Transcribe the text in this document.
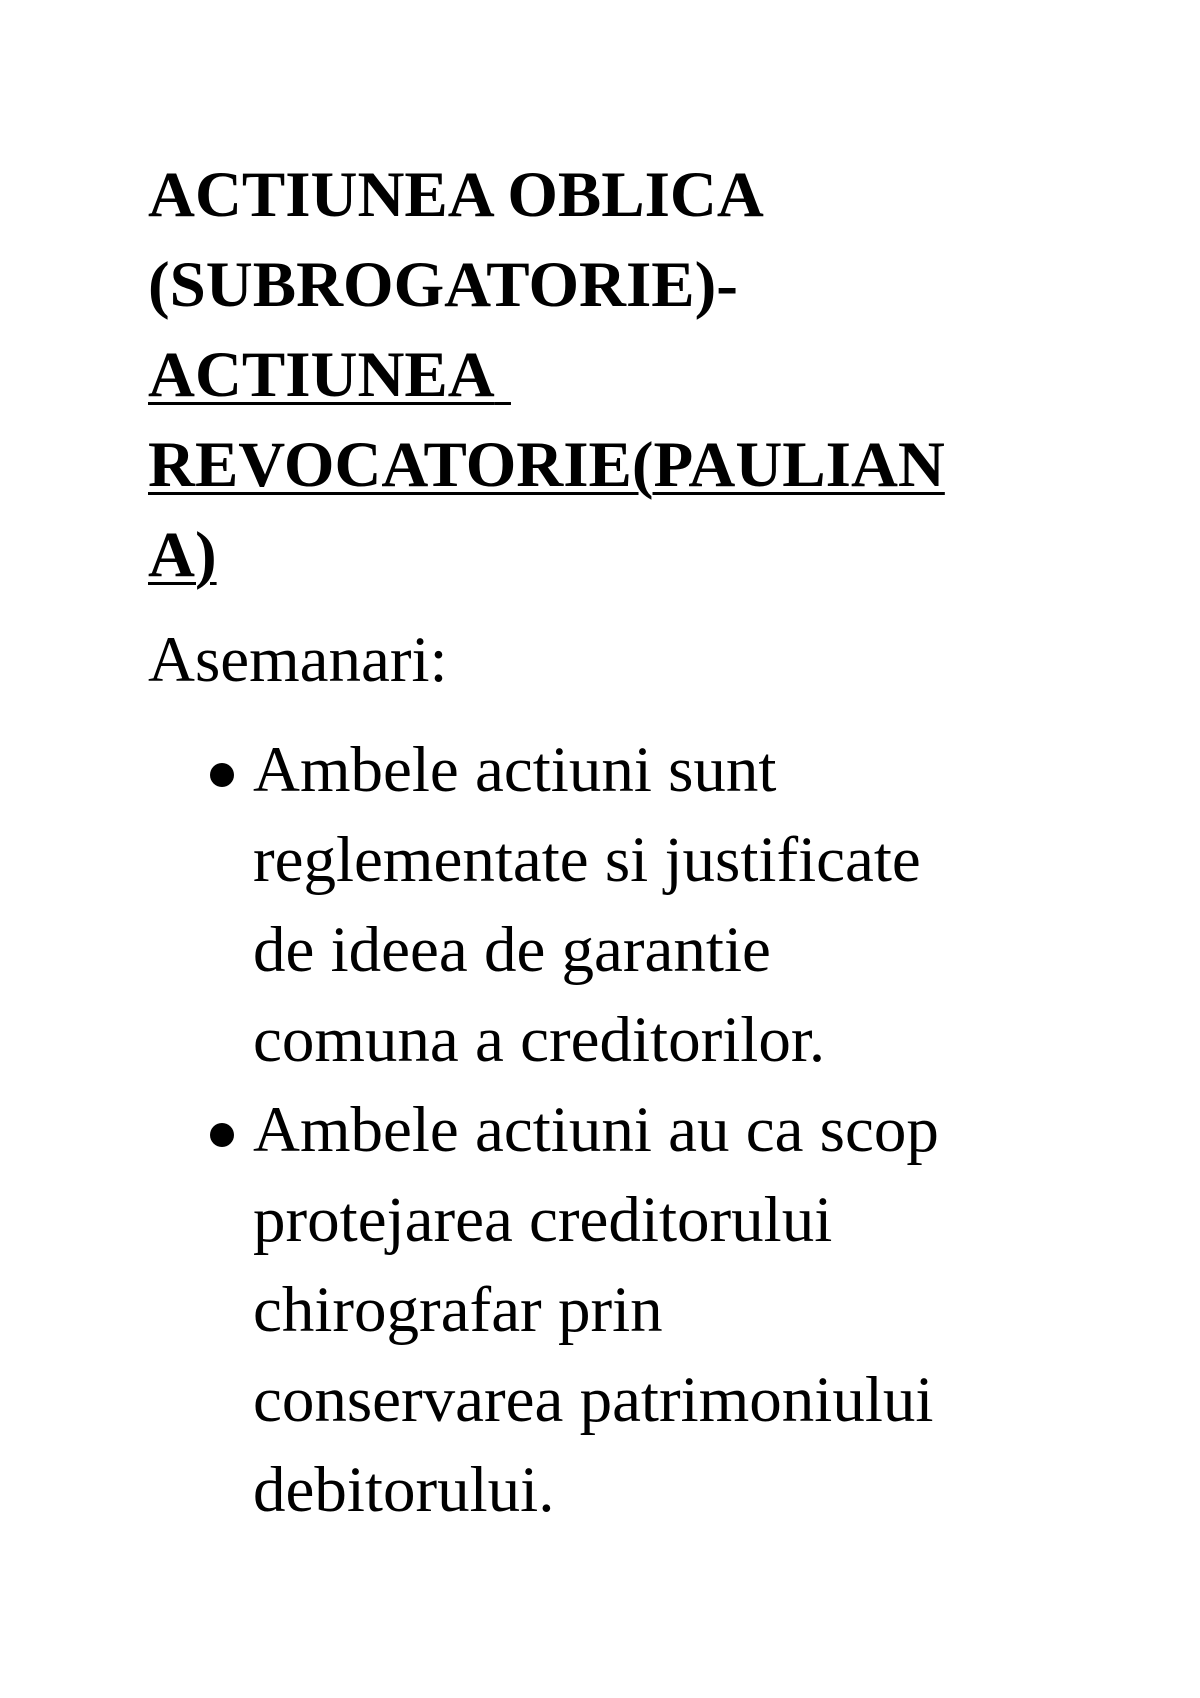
ACTIUNEA OBLICA
(SUBROGATORIE)-
ACTIUNEA
REVOCATORIE(PAULIAN
A)

Asemanari:

Ambele actiuni sunt
reglementate si justificate
de ideea de garantie
comuna a creditorilor.
Ambele actiuni au ca scop
protejarea creditorului
chirografar prin
conservarea patrimoniului
debitorului.
